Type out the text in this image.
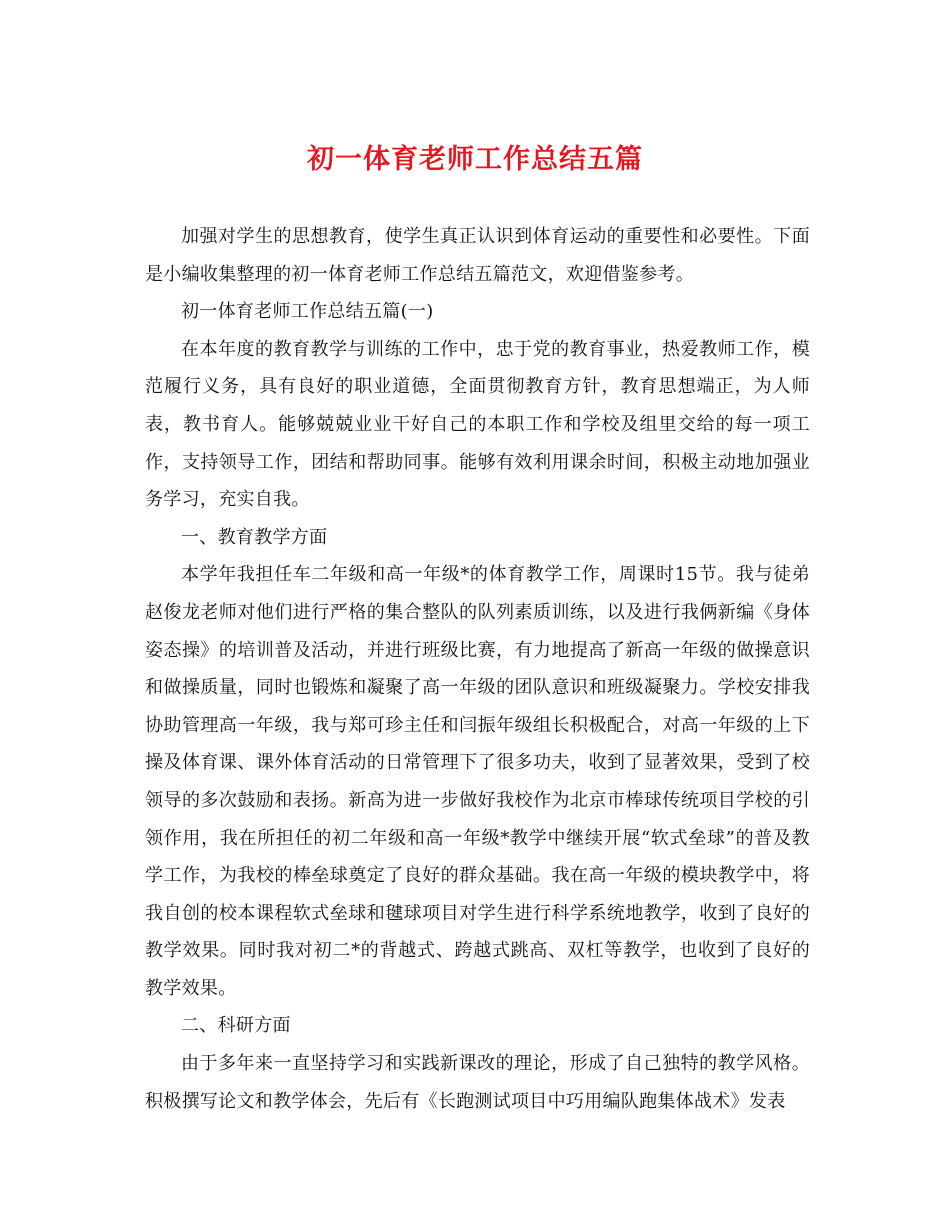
初一体育老师工作总结五篇

加强对学生的思想教育，使学生真正认识到体育运动的重要性和必要性。下面是小编收集整理的初一体育老师工作总结五篇范文，欢迎借鉴参考。

初一体育老师工作总结五篇(一)

在本年度的教育教学与训练的工作中，忠于党的教育事业，热爱教师工作，模范履行义务，具有良好的职业道德，全面贯彻教育方针，教育思想端正，为人师表，教书育人。能够兢兢业业干好自己的本职工作和学校及组里交给的每一项工作，支持领导工作，团结和帮助同事。能够有效利用课余时间，积极主动地加强业务学习，充实自我。

一、教育教学方面

本学年我担任车二年级和高一年级*的体育教学工作，周课时15节。我与徒弟赵俊龙老师对他们进行严格的集合整队的队列素质训练，以及进行我俩新编《身体姿态操》的培训普及活动，并进行班级比赛，有力地提高了新高一年级的做操意识和做操质量，同时也锻炼和凝聚了高一年级的团队意识和班级凝聚力。学校安排我协助管理高一年级，我与郑可珍主任和闫振年级组长积极配合，对高一年级的上下操及体育课、课外体育活动的日常管理下了很多功夫，收到了显著效果，受到了校领导的多次鼓励和表扬。新高为进一步做好我校作为北京市棒球传统项目学校的引领作用，我在所担任的初二年级和高一年级*教学中继续开展“软式垒球”的普及教学工作，为我校的棒垒球奠定了良好的群众基础。我在高一年级的模块教学中，将我自创的校本课程软式垒球和毽球项目对学生进行科学系统地教学，收到了良好的教学效果。同时我对初二*的背越式、跨越式跳高、双杠等教学，也收到了良好的教学效果。

二、科研方面

由于多年来一直坚持学习和实践新课改的理论，形成了自己独特的教学风格。积极撰写论文和教学体会，先后有《长跑测试项目中巧用编队跑集体战术》发表
